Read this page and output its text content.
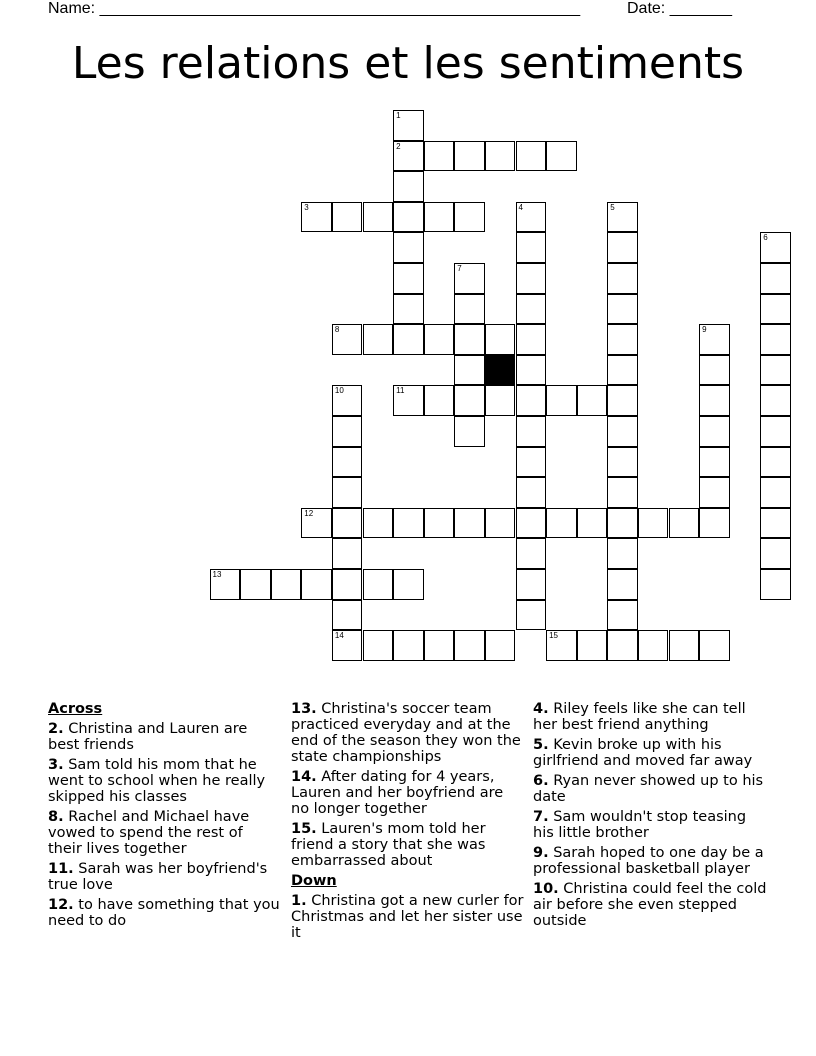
Name: ______________________________________________________	Date: _______
Les relations et les sentiments
1
2
3	4	5
6
7
8	9
10	11
12
13
14	15
Across
2. Christina and Lauren are best friends
3. Sam told his mom that he went to school when he really skipped his classes
8. Rachel and Michael have vowed to spend the rest of their lives together
11. Sarah was her boyfriend's true love
12. to have something that you need to do
13. Christina's soccer team practiced everyday and at the end of the season they won the state championships
14. After dating for 4 years, Lauren and her boyfriend are no longer together
15. Lauren's mom told her friend a story that she was embarrassed about
Down
1. Christina got a new curler for Christmas and let her sister use it
4. Riley feels like she can tell her best friend anything
5. Kevin broke up with his girlfriend and moved far away
6. Ryan never showed up to his date
7. Sam wouldn't stop teasing his little brother
9. Sarah hoped to one day be a professional basketball player
10. Christina could feel the cold air before she even stepped outside
